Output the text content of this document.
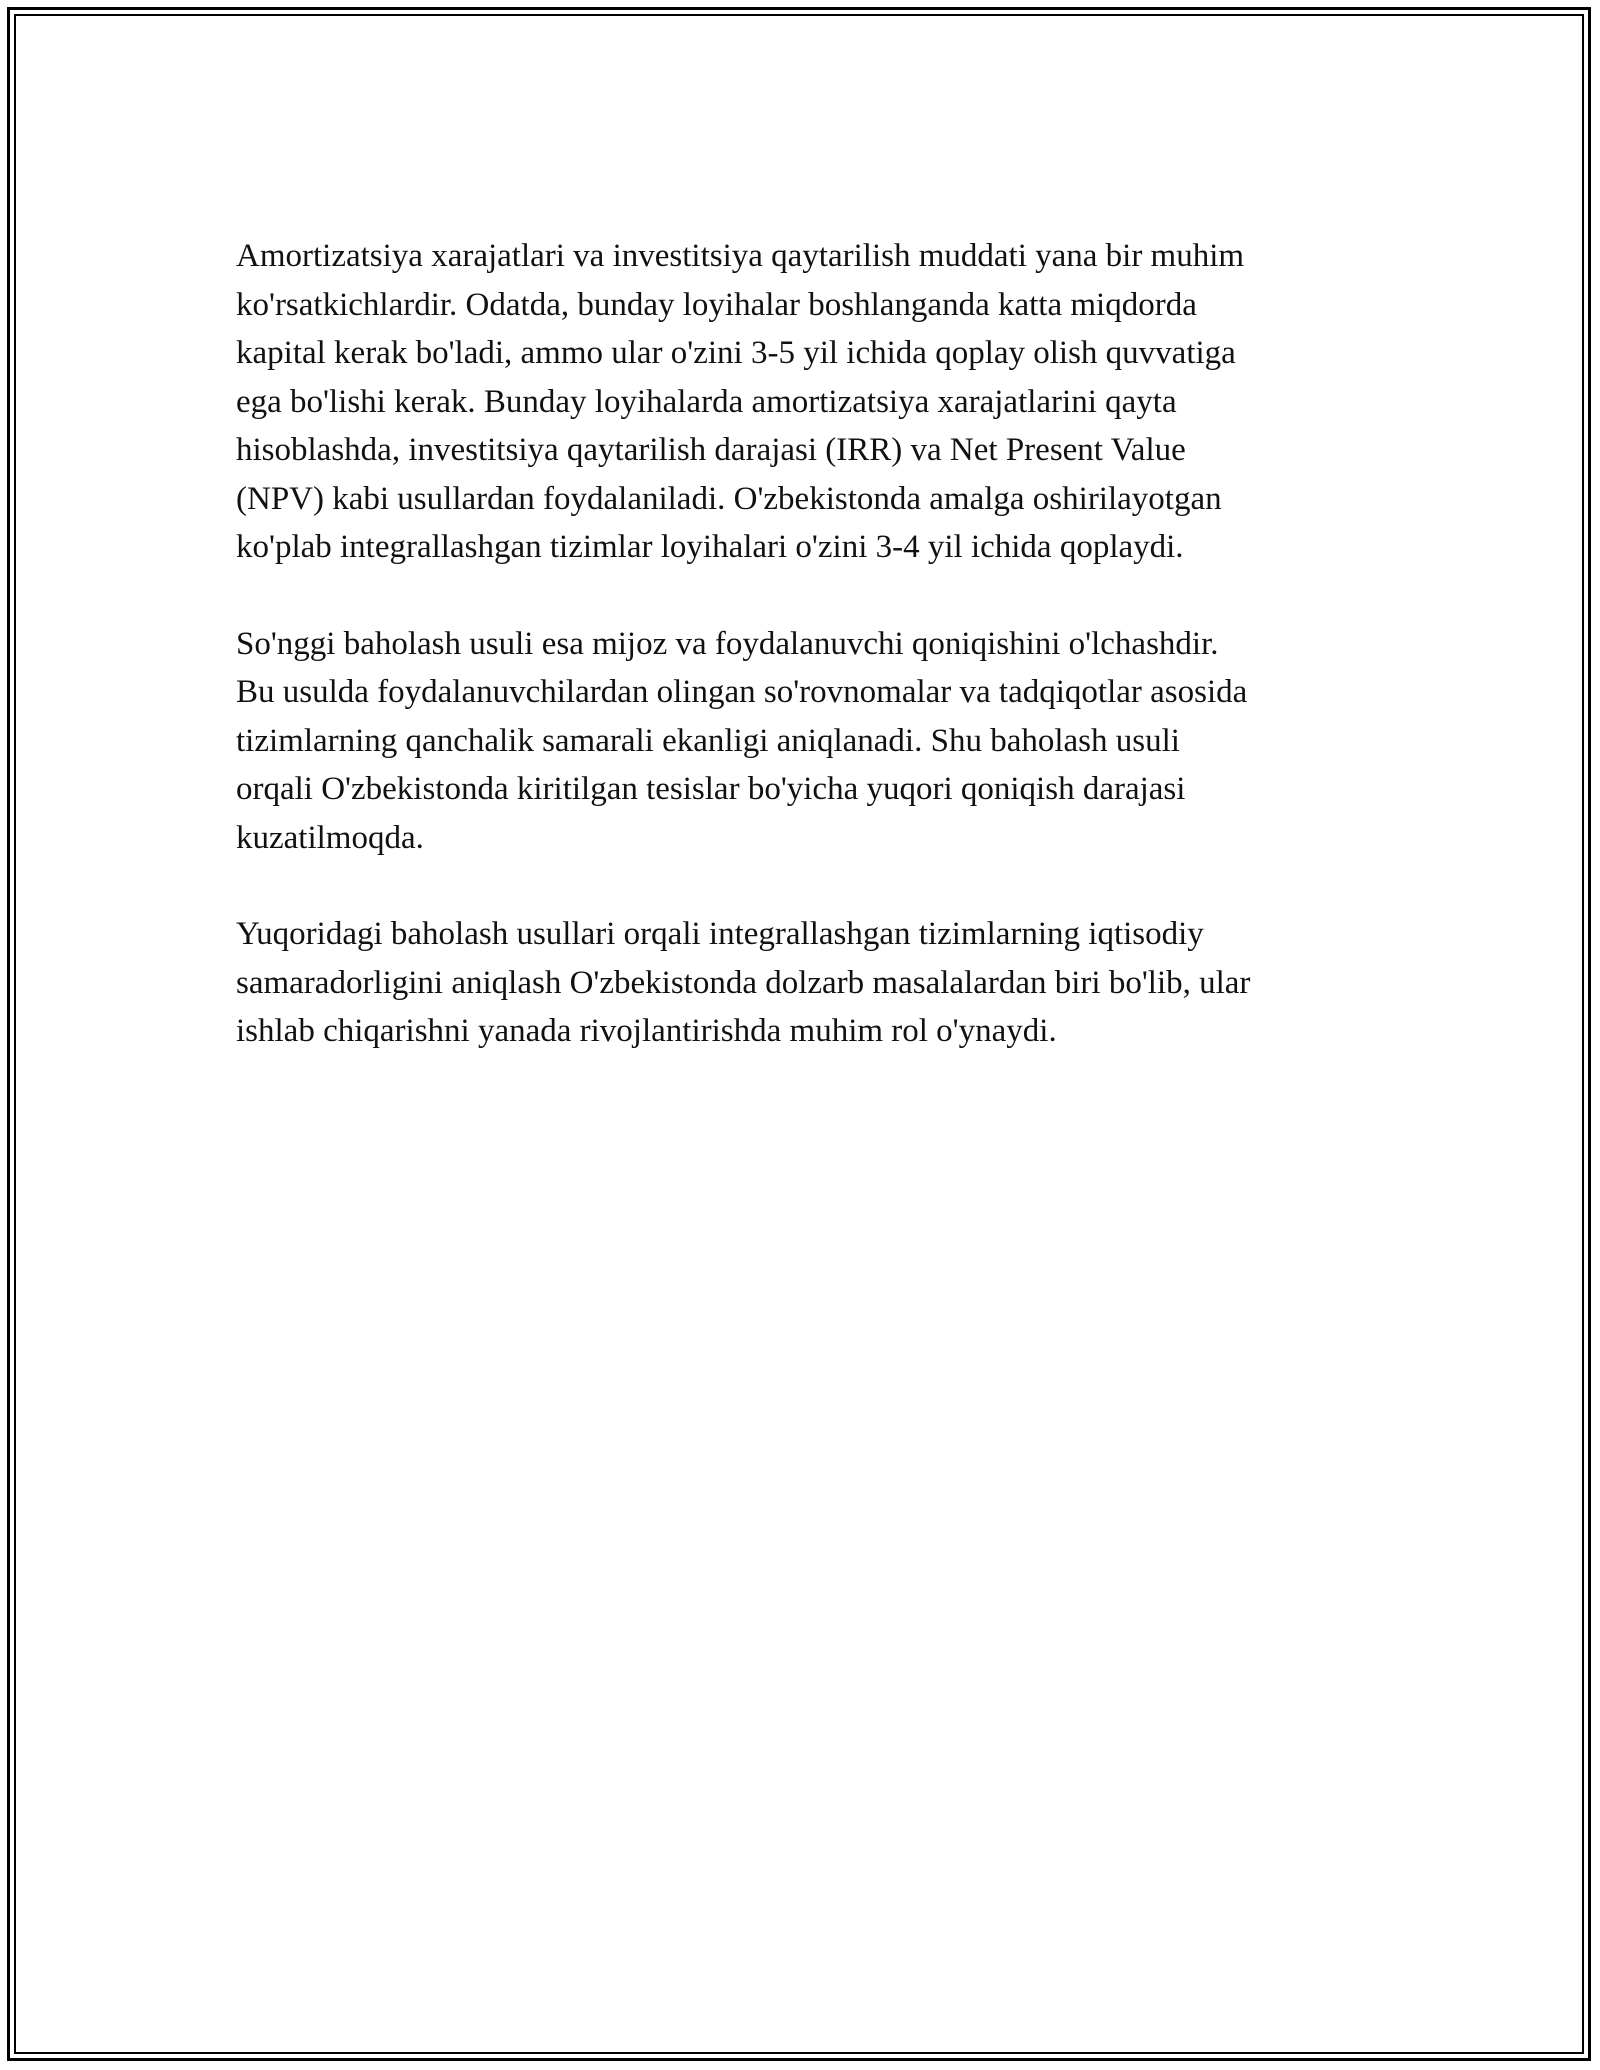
Amortizatsiya xarajatlari va investitsiya qaytarilish muddati yana bir muhim
ko'rsatkichlardir. Odatda, bunday loyihalar boshlanganda katta miqdorda
kapital kerak bo'ladi, ammo ular o'zini 3-5 yil ichida qoplay olish quvvatiga
ega bo'lishi kerak. Bunday loyihalarda amortizatsiya xarajatlarini qayta
hisoblashda, investitsiya qaytarilish darajasi (IRR) va Net Present Value
(NPV) kabi usullardan foydalaniladi. O'zbekistonda amalga oshirilayotgan
ko'plab integrallashgan tizimlar loyihalari o'zini 3-4 yil ichida qoplaydi.

So'nggi baholash usuli esa mijoz va foydalanuvchi qoniqishini o'lchashdir.
Bu usulda foydalanuvchilardan olingan so'rovnomalar va tadqiqotlar asosida
tizimlarning qanchalik samarali ekanligi aniqlanadi. Shu baholash usuli
orqali O'zbekistonda kiritilgan tesislar bo'yicha yuqori qoniqish darajasi
kuzatilmoqda.

Yuqoridagi baholash usullari orqali integrallashgan tizimlarning iqtisodiy
samaradorligini aniqlash O'zbekistonda dolzarb masalalardan biri bo'lib, ular
ishlab chiqarishni yanada rivojlantirishda muhim rol o'ynaydi.
